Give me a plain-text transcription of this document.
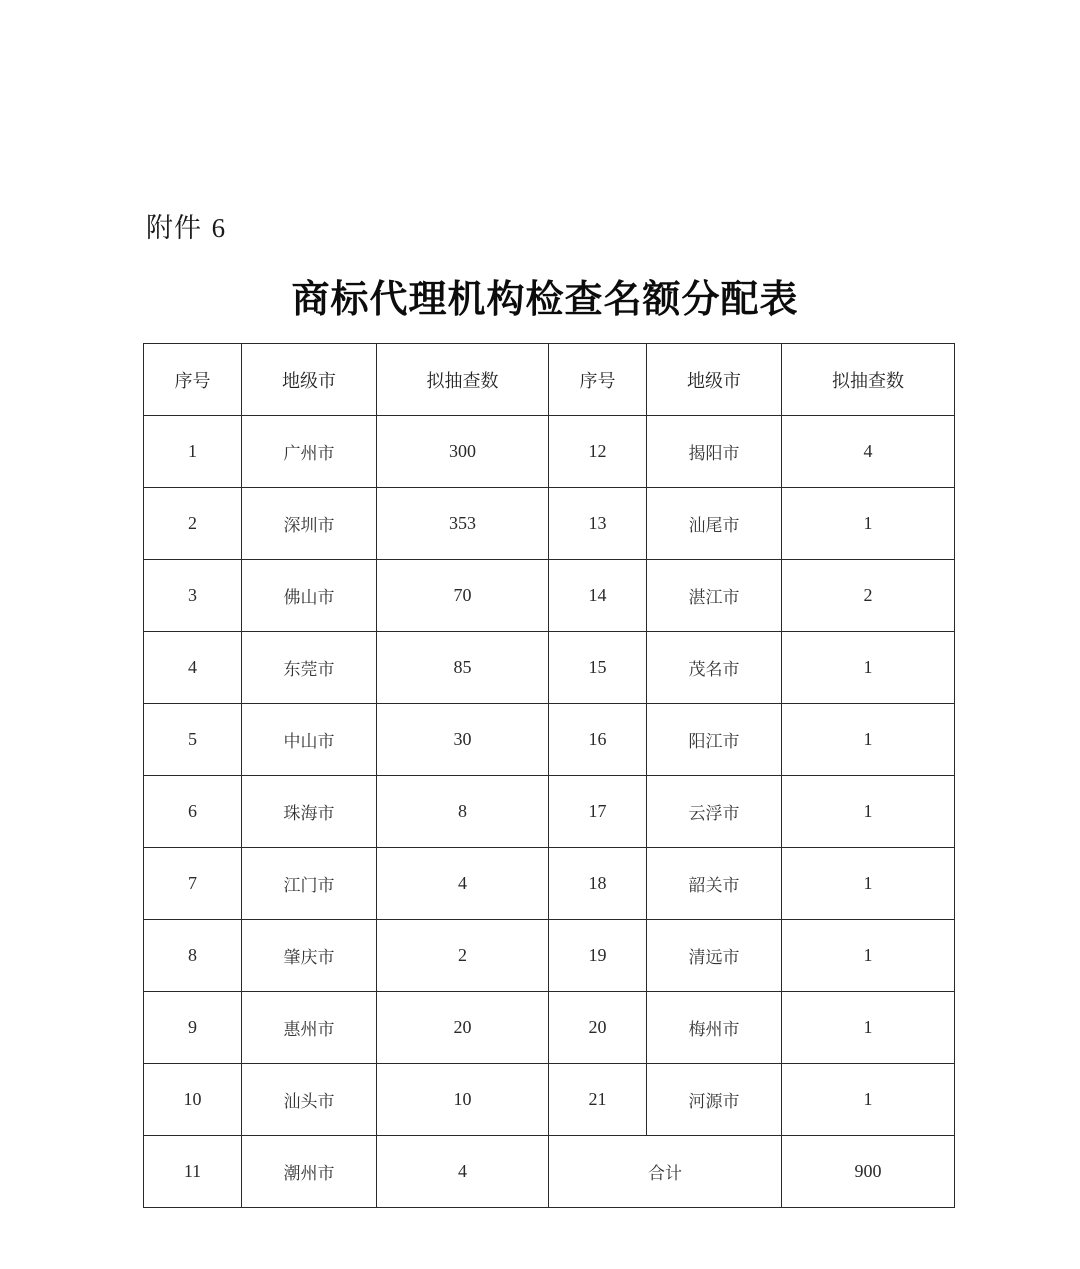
附件 6
商标代理机构检查名额分配表
序号	地级市	拟抽查数	序号	地级市	拟抽查数
1	广州市	300	12	揭阳市	4
2	深圳市	353	13	汕尾市	1
3	佛山市	70	14	湛江市	2
4	东莞市	85	15	茂名市	1
5	中山市	30	16	阳江市	1
6	珠海市	8	17	云浮市	1
7	江门市	4	18	韶关市	1
8	肇庆市	2	19	清远市	1
9	惠州市	20	20	梅州市	1
10	汕头市	10	21	河源市	1
11	潮州市	4	合计		900
